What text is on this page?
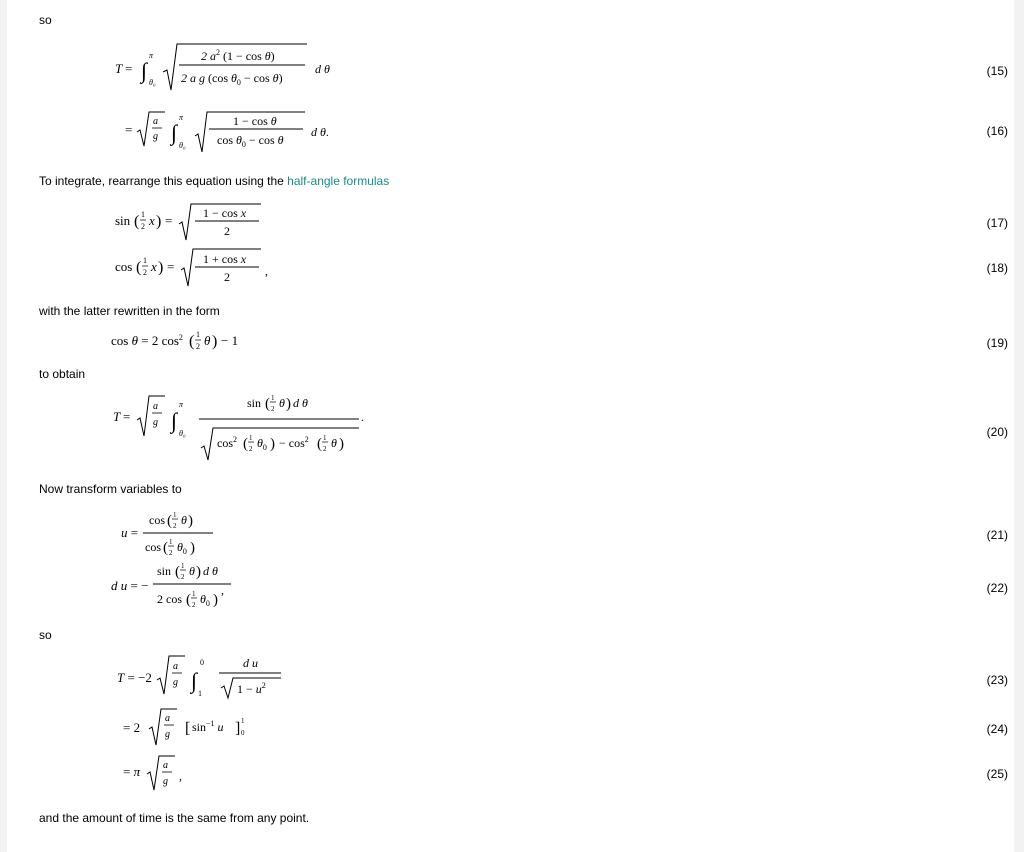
so
T = ∫
π
θ₀
2 $a^2$ (1 − cos θ)
2 a g (cos $\theta_0 - \cos \theta$)
d θ	(15)
=
a
g ∫
π
θ₀
1 − cos θ
$\cos \theta_0 - \cos \theta$
d θ.	(16)
To integrate, rearrange this equation using the half-angle formulas
sin ( 1
2 x ) =	1 − cos x
2
(17)
cos ( 1
2 x ) = 1 + cos x
2	,	(18)
with the latter rewritten in the form
cos θ = 2 $\cos^2$ ( 1
2 θ ) − 1	(19)
to obtain
T =
a
g ∫
π
θ₀
sin ( 1
2 θ ) d θ
.
$\cos^2$ ( 1
2 $\theta_0$ ) − $\cos^2$ ( 1
2 θ )
(20)
Now transform variables to
u =
cos ( 1
2 θ )
cos ( 1
2 $\theta_0$ )
(21)
d u = −
sin ( 1
2 θ ) d θ
2 cos ( 1
2 $\theta_0$ )
,	(22)
so
T = −2
a
g ∫
0
1
d u
$1 - u^2$	(23)
= 2
a
g [ $\sin^{-1} u$ ] 1
0	(24)
= π a
g ,	(25)
and the amount of time is the same from any point.
